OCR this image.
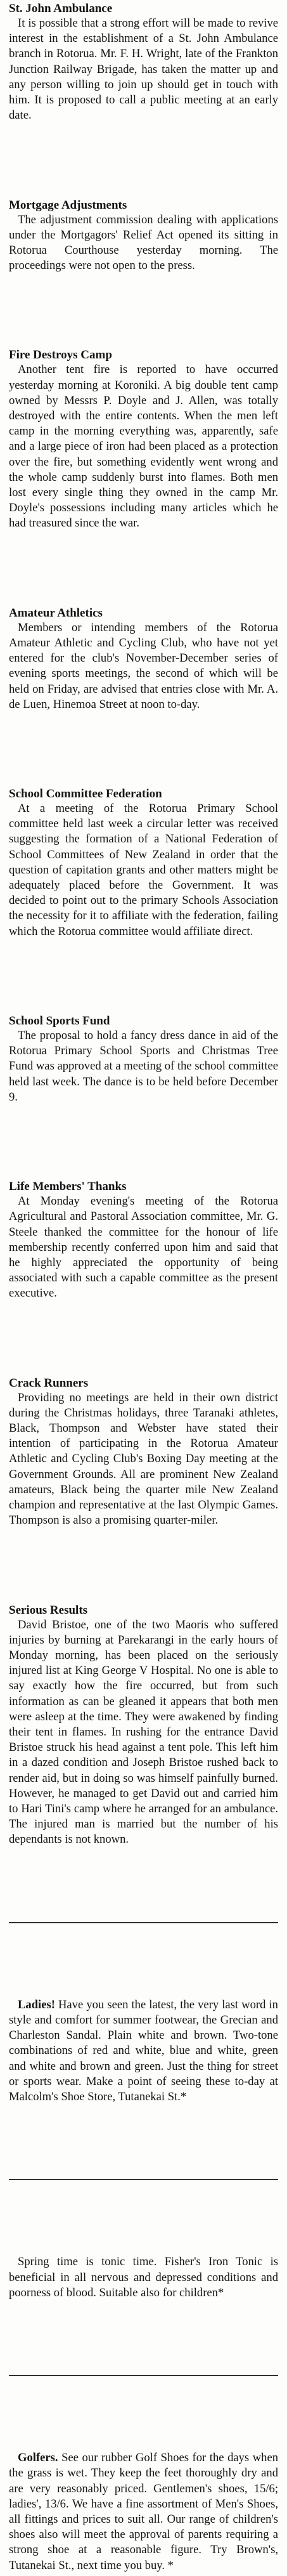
St. John Ambulance

It is possible that a strong effort will be made to revive interest in the establishment of a St. John Ambulance branch in Rotorua. Mr. F. H. Wright, late of the Frankton Junction Railway Brigade, has taken the matter up and any person willing to join up should get in touch with him. It is proposed to call a public meeting at an early date.

Mortgage Adjustments

The adjustment commission dealing with applications under the Mortgagors' Relief Act opened its sitting in Rotorua Courthouse yesterday morning. The proceedings were not open to the press.

Fire Destroys Camp

Another tent fire is reported to have occurred yesterday morning at Koroniki. A big double tent camp owned by Messrs P. Doyle and J. Allen, was totally destroyed with the entire contents. When the men left camp in the morning everything was, apparently, safe and a large piece of iron had been placed as a protection over the fire, but something evidently went wrong and the whole camp suddenly burst into flames. Both men lost every single thing they owned in the camp Mr. Doyle's possessions including many articles which he had treasured since the war.

Amateur Athletics

Members or intending members of the Rotorua Amateur Athletic and Cycling Club, who have not yet entered for the club's November-December series of evening sports meetings, the second of which will be held on Friday, are advised that entries close with Mr. A. de Luen, Hinemoa Street at noon to-day.

School Committee Federation

At a meeting of the Rotorua Primary School committee held last week a circular letter was received suggesting the formation of a National Federation of School Committees of New Zealand in order that the question of capitation grants and other matters might be adequately placed before the Government. It was decided to point out to the primary Schools Association the necessity for it to affiliate with the federation, failing which the Rotorua committee would affiliate direct.

School Sports Fund

The proposal to hold a fancy dress dance in aid of the Rotorua Primary School Sports and Christmas Tree Fund was approved at a meeting of the school committee held last week. The dance is to be held before December 9.

Life Members' Thanks

At Monday evening's meeting of the Rotorua Agricultural and Pastoral Association committee, Mr. G. Steele thanked the committee for the honour of life membership recently conferred upon him and said that he highly appreciated the opportunity of being associated with such a capable committee as the present executive.

Crack Runners

Providing no meetings are held in their own district during the Christmas holidays, three Taranaki athletes, Black, Thompson and Webster have stated their intention of participating in the Rotorua Amateur Athletic and Cycling Club's Boxing Day meeting at the Government Grounds. All are prominent New Zealand amateurs, Black being the quarter mile New Zealand champion and representative at the last Olympic Games. Thompson is also a promising quarter-miler.

Serious Results

David Bristoe, one of the two Maoris who suffered injuries by burning at Parekarangi in the early hours of Monday morning, has been placed on the seriously injured list at King George V Hospital. No one is able to say exactly how the fire occurred, but from such information as can be gleaned it appears that both men were asleep at the time. They were awakened by finding their tent in flames. In rushing for the entrance David Bristoe struck his head against a tent pole. This left him in a dazed condition and Joseph Bristoe rushed back to render aid, but in doing so was himself painfully burned. However, he managed to get David out and carried him to Hari Tini's camp where he arranged for an ambulance. The injured man is married but the number of his dependants is not known.

Ladies! Have you seen the latest, the very last word in style and comfort for summer footwear, the Grecian and Charleston Sandal. Plain white and brown. Two-tone combinations of red and white, blue and white, green and white and brown and green. Just the thing for street or sports wear. Make a point of seeing these to-day at Malcolm's Shoe Store, Tutanekai St.*

Spring time is tonic time. Fisher's Iron Tonic is beneficial in all nervous and depressed conditions and poorness of blood. Suitable also for children*

Golfers. See our rubber Golf Shoes for the days when the grass is wet. They keep the feet thoroughly dry and are very reasonably priced. Gentlemen's shoes, 15/6; ladies', 13/6. We have a fine assortment of Men's Shoes, all fittings and prices to suit all. Our range of children's shoes also will meet the approval of parents requiring a strong shoe at a reasonable figure. Try Brown's, Tutanekai St., next time you buy. *
